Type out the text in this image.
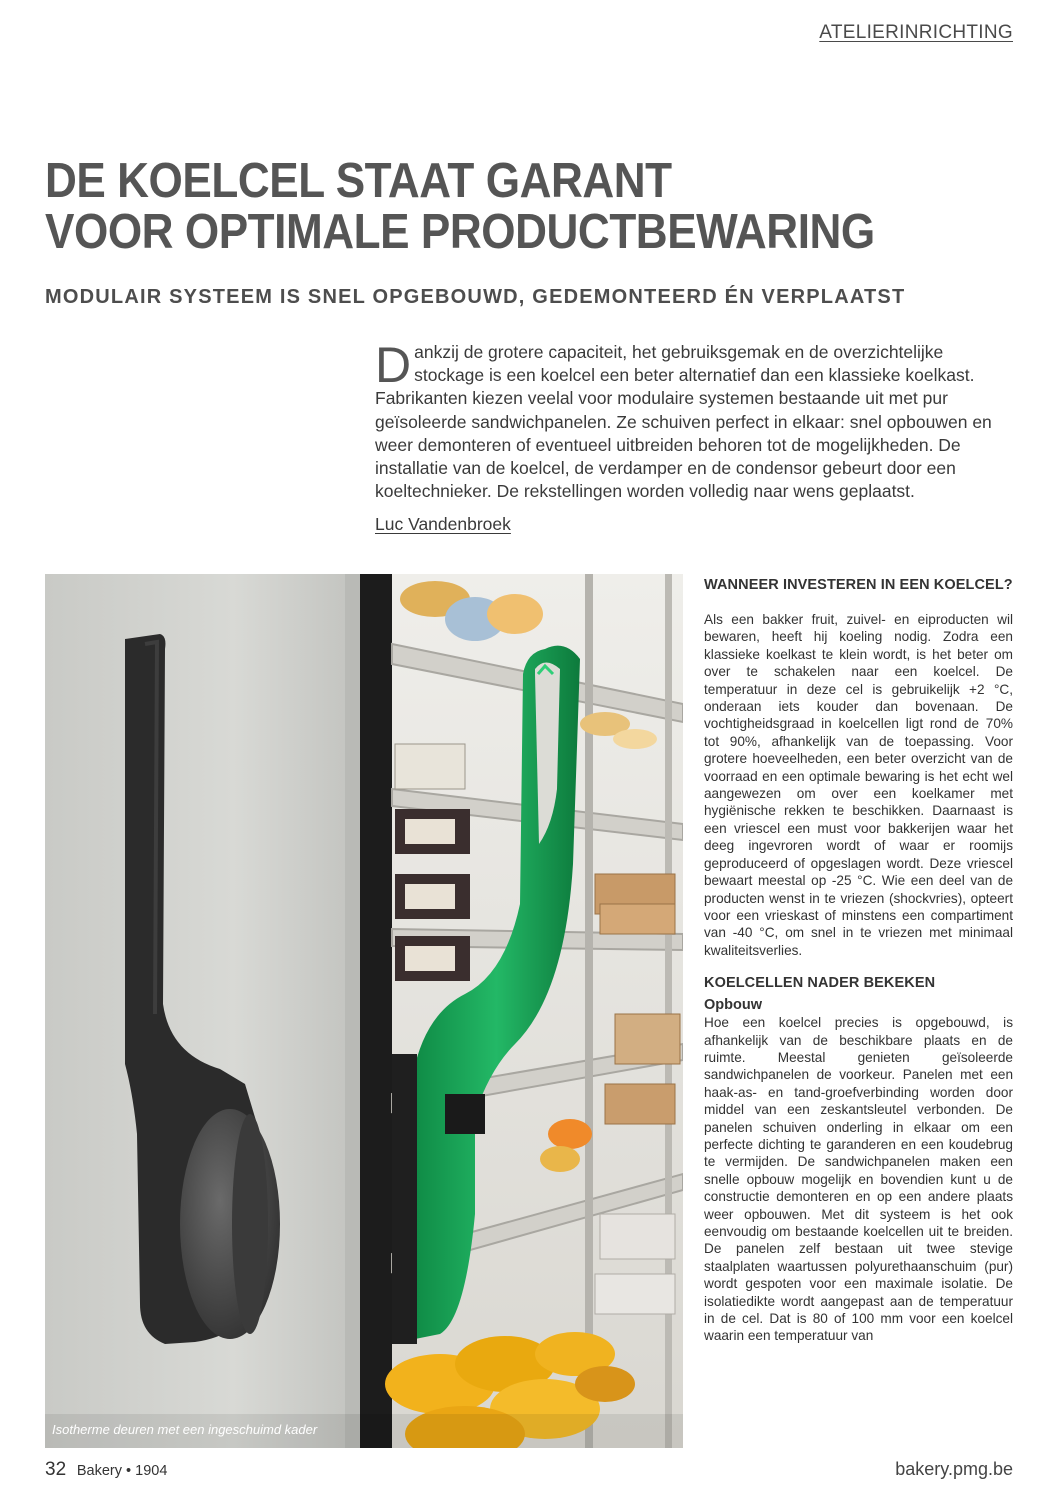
ATELIERINRICHTING
DE KOELCEL STAAT GARANT
VOOR OPTIMALE PRODUCTBEWARING
MODULAIR SYSTEEM IS SNEL OPGEBOUWD, GEDEMONTEERD ÉN VERPLAATST
Dankzij de grotere capaciteit, het gebruiksgemak en de overzichtelijke stockage is een koelcel een beter alternatief dan een klassieke koelkast. Fabrikanten kiezen veelal voor modulaire systemen bestaande uit met pur geïsoleerde sandwichpanelen. Ze schuiven perfect in elkaar: snel opbouwen en weer demonteren of eventueel uitbreiden behoren tot de mogelijkheden. De installatie van de koelcel, de verdamper en de condensor gebeurt door een koeltechnieker. De rekstellingen worden volledig naar wens geplaatst.
Luc Vandenbroek
Isotherme deuren met een ingeschuimd kader
WANNEER INVESTEREN IN EEN KOELCEL?

Als een bakker fruit, zuivel- en eiproducten wil bewaren, heeft hij koeling nodig. Zodra een klassieke koelkast te klein wordt, is het beter om over te schakelen naar een koelcel. De temperatuur in deze cel is gebruikelijk +2 °C, onderaan iets kouder dan bovenaan. De vochtigheidsgraad in koelcellen ligt rond de 70% tot 90%, afhankelijk van de toepassing. Voor grotere hoeveelheden, een beter overzicht van de voorraad en een optimale bewaring is het echt wel aangewezen om over een koelkamer met hygiënische rekken te beschikken. Daarnaast is een vriescel een must voor bakkerijen waar het deeg ingevroren wordt of waar er roomijs geproduceerd of opgeslagen wordt. Deze vriescel bewaart meestal op -25 °C. Wie een deel van de producten wenst in te vriezen (shockvries), opteert voor een vrieskast of minstens een compartiment van -40 °C, om snel in te vriezen met minimaal kwaliteitsverlies.

KOELCELLEN NADER BEKEKEN
Opbouw

Hoe een koelcel precies is opgebouwd, is afhankelijk van de beschikbare plaats en de ruimte. Meestal genieten geïsoleerde sandwichpanelen de voorkeur. Panelen met een haak-as- en tand-groefverbinding worden door middel van een zeskantsleutel verbonden. De panelen schuiven onderling in elkaar om een perfecte dichting te garanderen en een koudebrug te vermijden. De sandwichpanelen maken een snelle opbouw mogelijk en bovendien kunt u de constructie demonteren en op een andere plaats weer opbouwen. Met dit systeem is het ook eenvoudig om bestaande koelcellen uit te breiden. De panelen zelf bestaan uit twee stevige staalplaten waartussen polyurethaanschuim (pur) wordt gespoten voor een maximale isolatie. De isolatiedikte wordt aangepast aan de temperatuur in de cel. Dat is 80 of 100 mm voor een koelcel waarin een temperatuur van

32 Bakery • 1904	bakery.pmg.be
